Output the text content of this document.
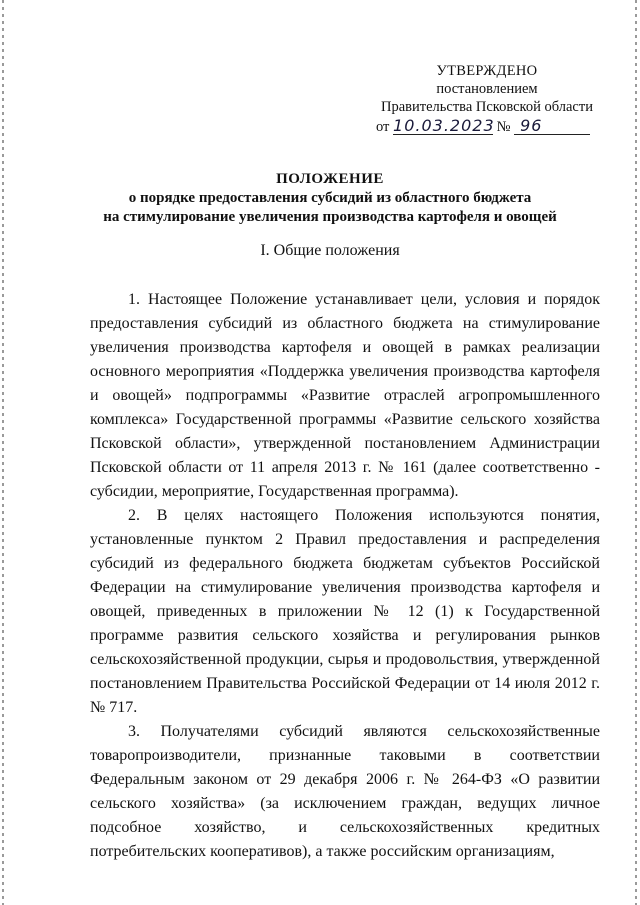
УТВЕРЖДЕНО
постановлением
Правительства Псковской области
от 10.03.2023 № 96
ПОЛОЖЕНИЕ
о порядке предоставления субсидий из областного бюджета
на стимулирование увеличения производства картофеля и овощей
I. Общие положения

1. Настоящее Положение устанавливает цели, условия и порядок предоставления субсидий из областного бюджета на стимулирование увеличения производства картофеля и овощей в рамках реализации основного мероприятия «Поддержка увеличения производства картофеля и овощей» подпрограммы «Развитие отраслей агропромышленного комплекса» Государственной программы «Развитие сельского хозяйства Псковской области», утвержденной постановлением Администрации Псковской области от 11 апреля 2013 г. № 161 (далее соответственно - субсидии, мероприятие, Государственная программа).

2. В целях настоящего Положения используются понятия, установленные пунктом 2 Правил предоставления и распределения субсидий из федерального бюджета бюджетам субъектов Российской Федерации на стимулирование увеличения производства картофеля и овощей, приведенных в приложении № 12 (1) к Государственной программе развития сельского хозяйства и регулирования рынков сельскохозяйственной продукции, сырья и продовольствия, утвержденной постановлением Правительства Российской Федерации от 14 июля 2012 г. № 717.

3. Получателями субсидий являются сельскохозяйственные товаропроизводители, признанные таковыми в соответствии Федеральным законом от 29 декабря 2006 г. № 264-ФЗ «О развитии сельского хозяйства» (за исключением граждан, ведущих личное подсобное хозяйство, и сельскохозяйственных кредитных потребительских кооперативов), а также российским организациям,
